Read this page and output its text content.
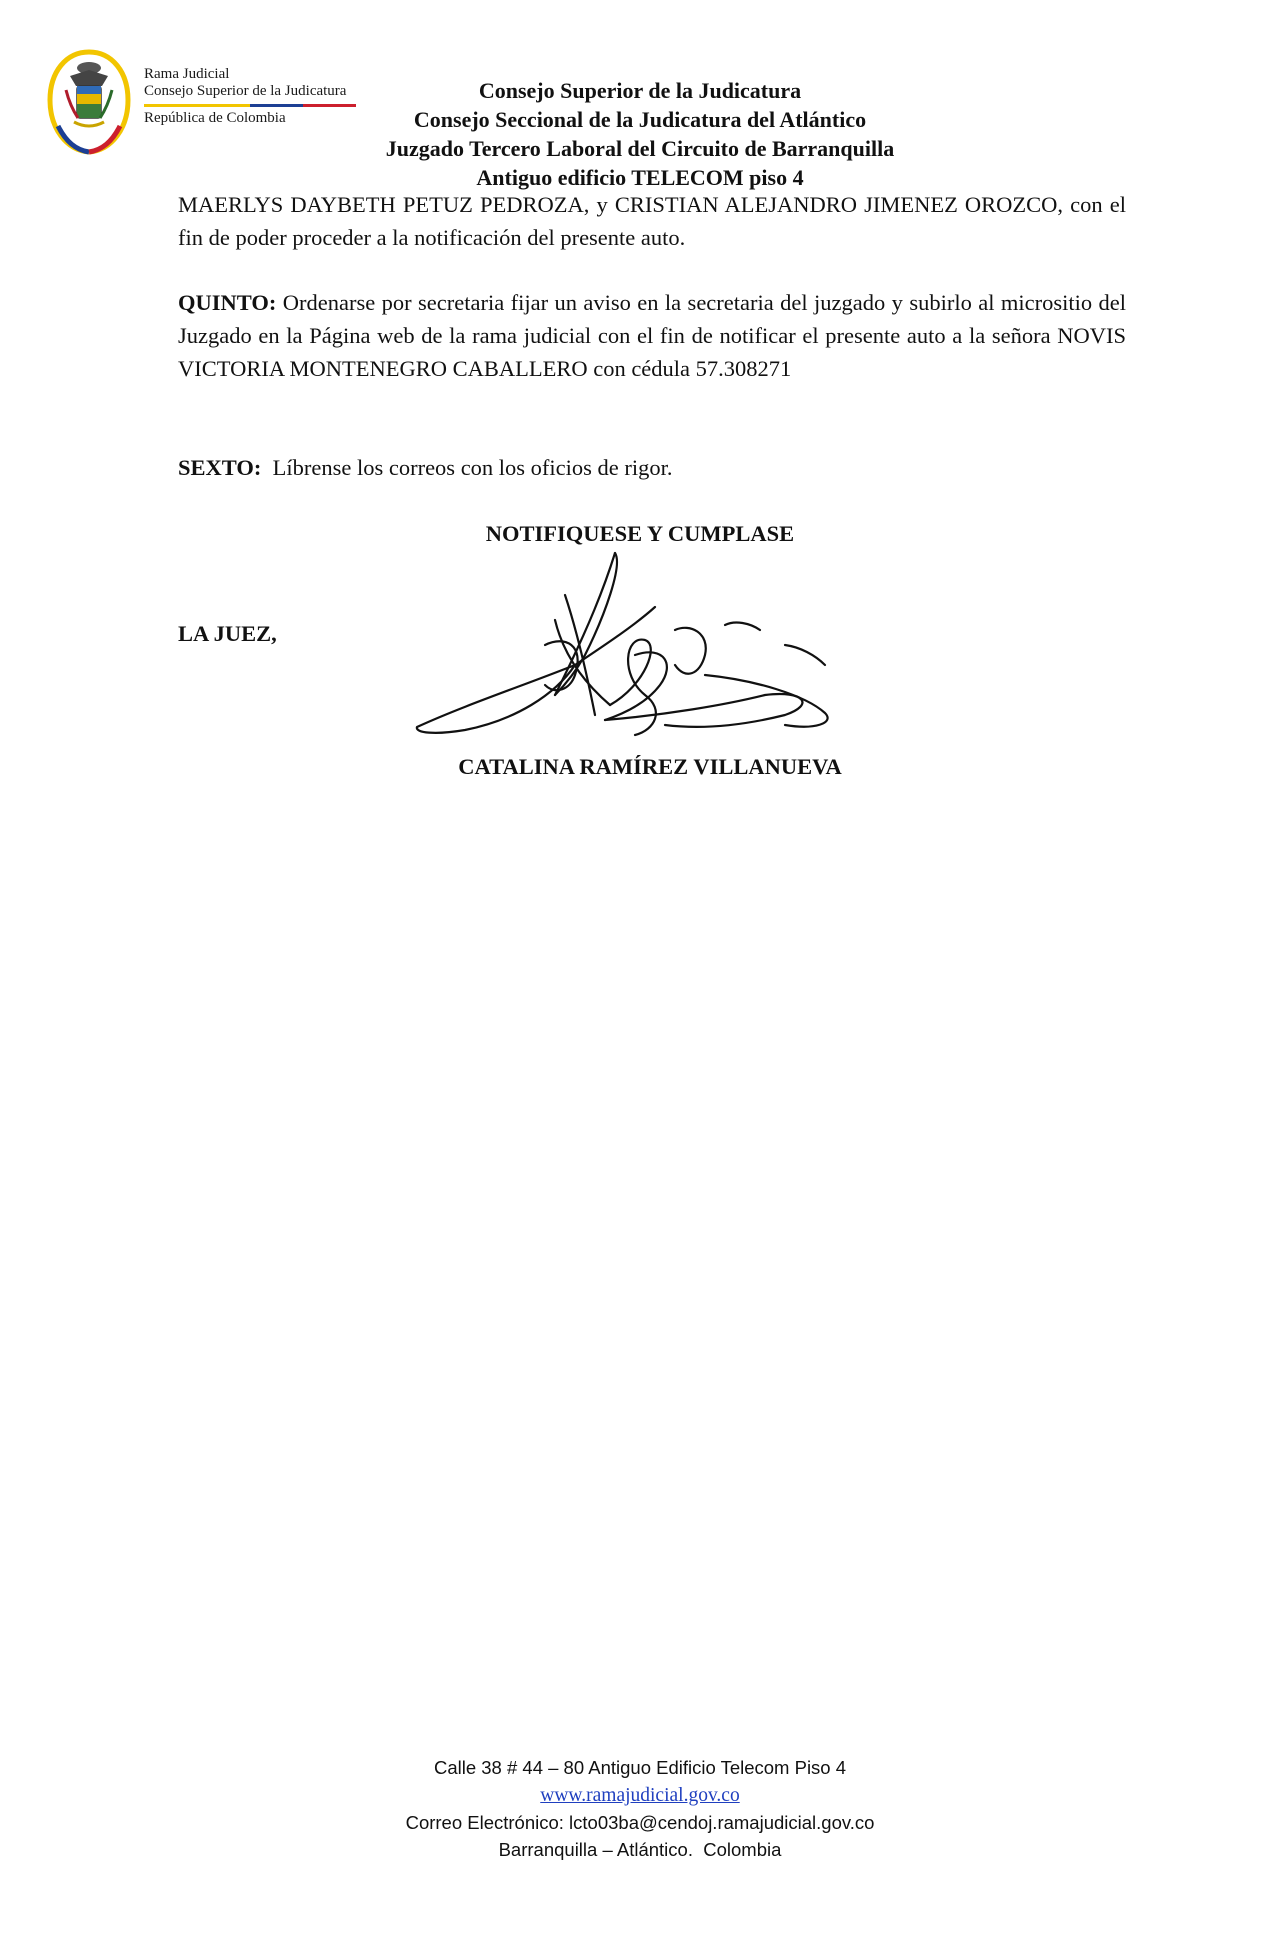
Rama Judicial
Consejo Superior de la Judicatura
República de Colombia
Consejo Superior de la Judicatura
Consejo Seccional de la Judicatura del Atlántico
Juzgado Tercero Laboral del Circuito de Barranquilla
Antiguo edificio TELECOM piso 4
MAERLYS DAYBETH PETUZ PEDROZA, y CRISTIAN ALEJANDRO JIMENEZ OROZCO, con el fin de poder proceder a la notificación del presente auto.
QUINTO: Ordenarse por secretaria fijar un aviso en la secretaria del juzgado y subirlo al micrositio del Juzgado en la Página web de la rama judicial con el fin de notificar el presente auto a la señora NOVIS VICTORIA MONTENEGRO CABALLERO con cédula 57.308271
SEXTO:  Líbrense los correos con los oficios de rigor.
NOTIFIQUESE Y CUMPLASE
LA JUEZ,
CATALINA RAMÍREZ VILLANUEVA
Calle 38 # 44 – 80 Antiguo Edificio Telecom Piso 4
www.ramajudicial.gov.co
Correo Electrónico: lcto03ba@cendoj.ramajudicial.gov.co
Barranquilla – Atlántico.  Colombia
